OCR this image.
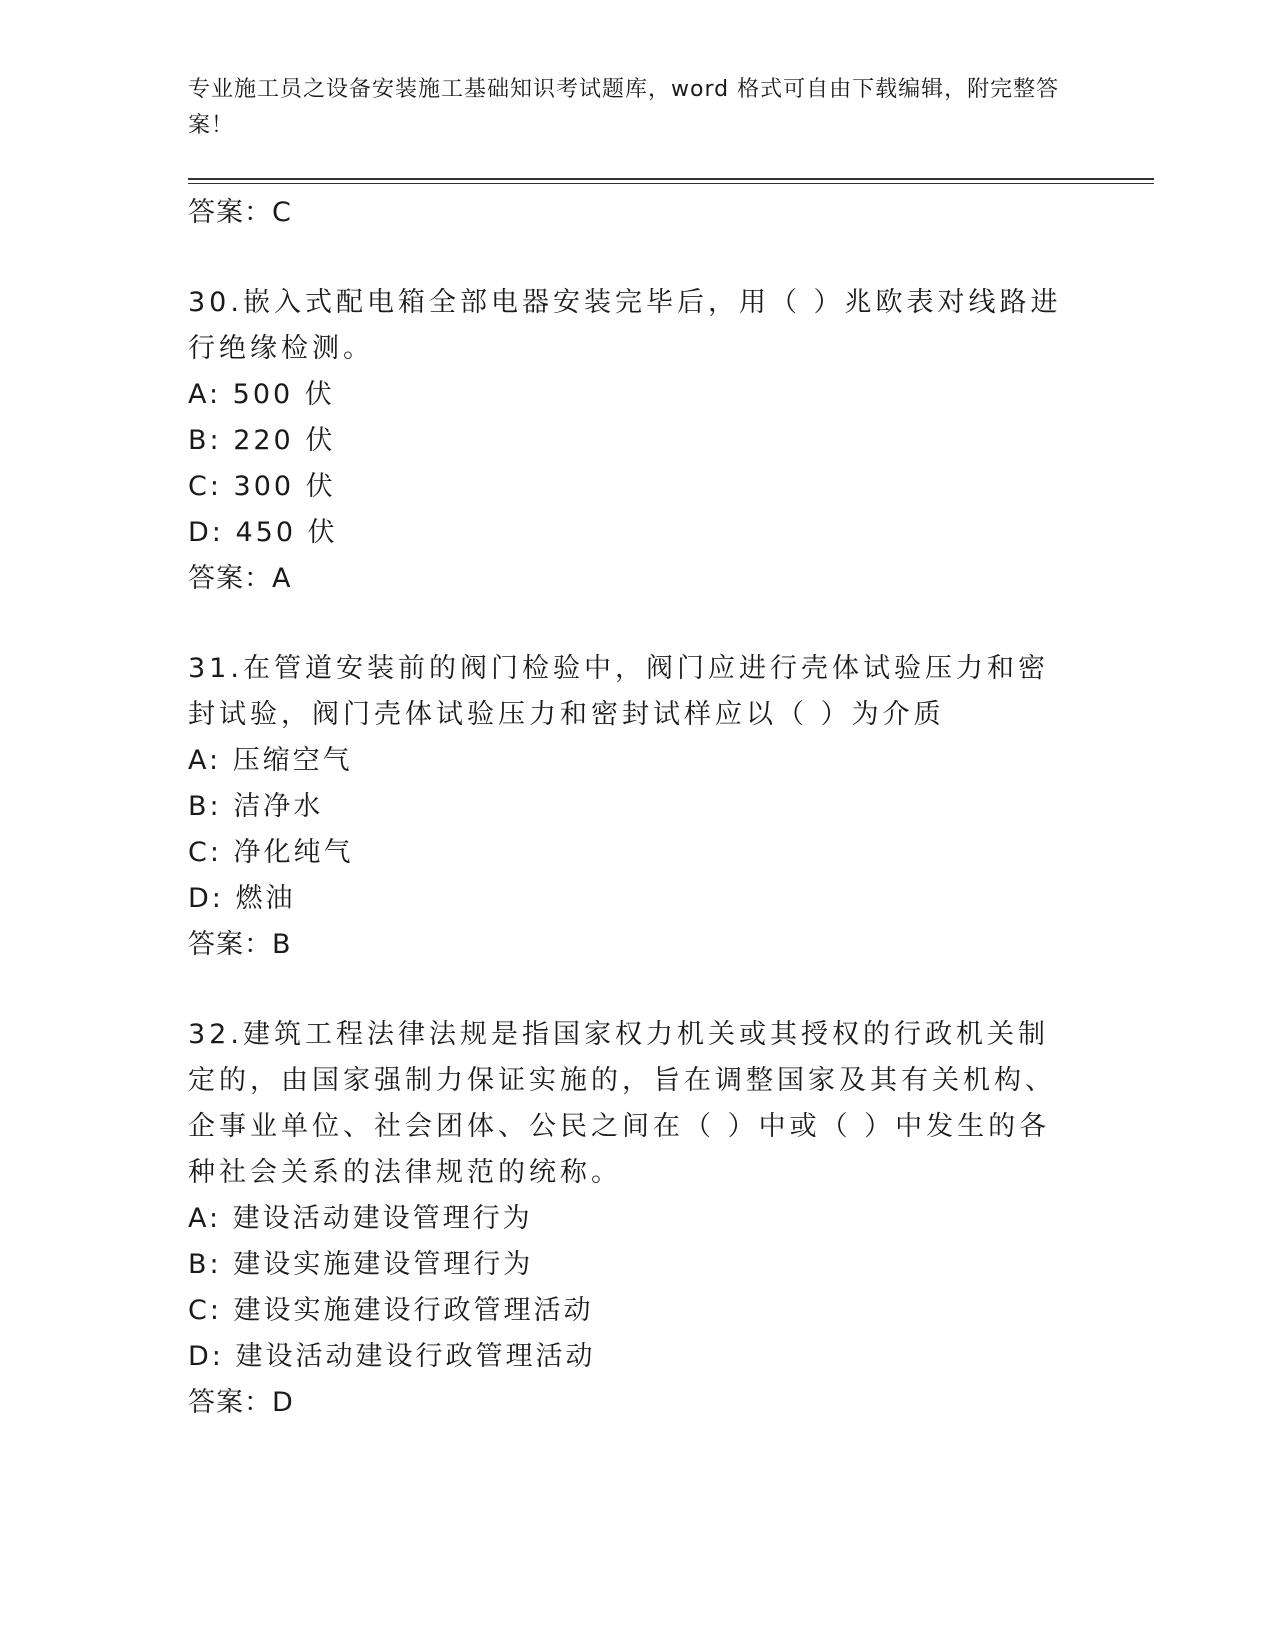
专业施工员之设备安装施工基础知识考试题库，word 格式可自由下载编辑，附完整答案！
答案：C

30.嵌入式配电箱全部电器安装完毕后，用（ ）兆欧表对线路进行绝缘检测。

A: 500 伏
B: 220 伏
C: 300 伏
D: 450 伏
答案：A

31.在管道安装前的阀门检验中，阀门应进行壳体试验压力和密封试验，阀门壳体试验压力和密封试样应以（ ）为介质

A: 压缩空气
B: 洁净水
C: 净化纯气
D: 燃油
答案：B

32.建筑工程法律法规是指国家权力机关或其授权的行政机关制定的，由国家强制力保证实施的，旨在调整国家及其有关机构、企事业单位、社会团体、公民之间在（ ）中或（ ）中发生的各种社会关系的法律规范的统称。

A: 建设活动建设管理行为
B: 建设实施建设管理行为
C: 建设实施建设行政管理活动
D: 建设活动建设行政管理活动
答案：D
